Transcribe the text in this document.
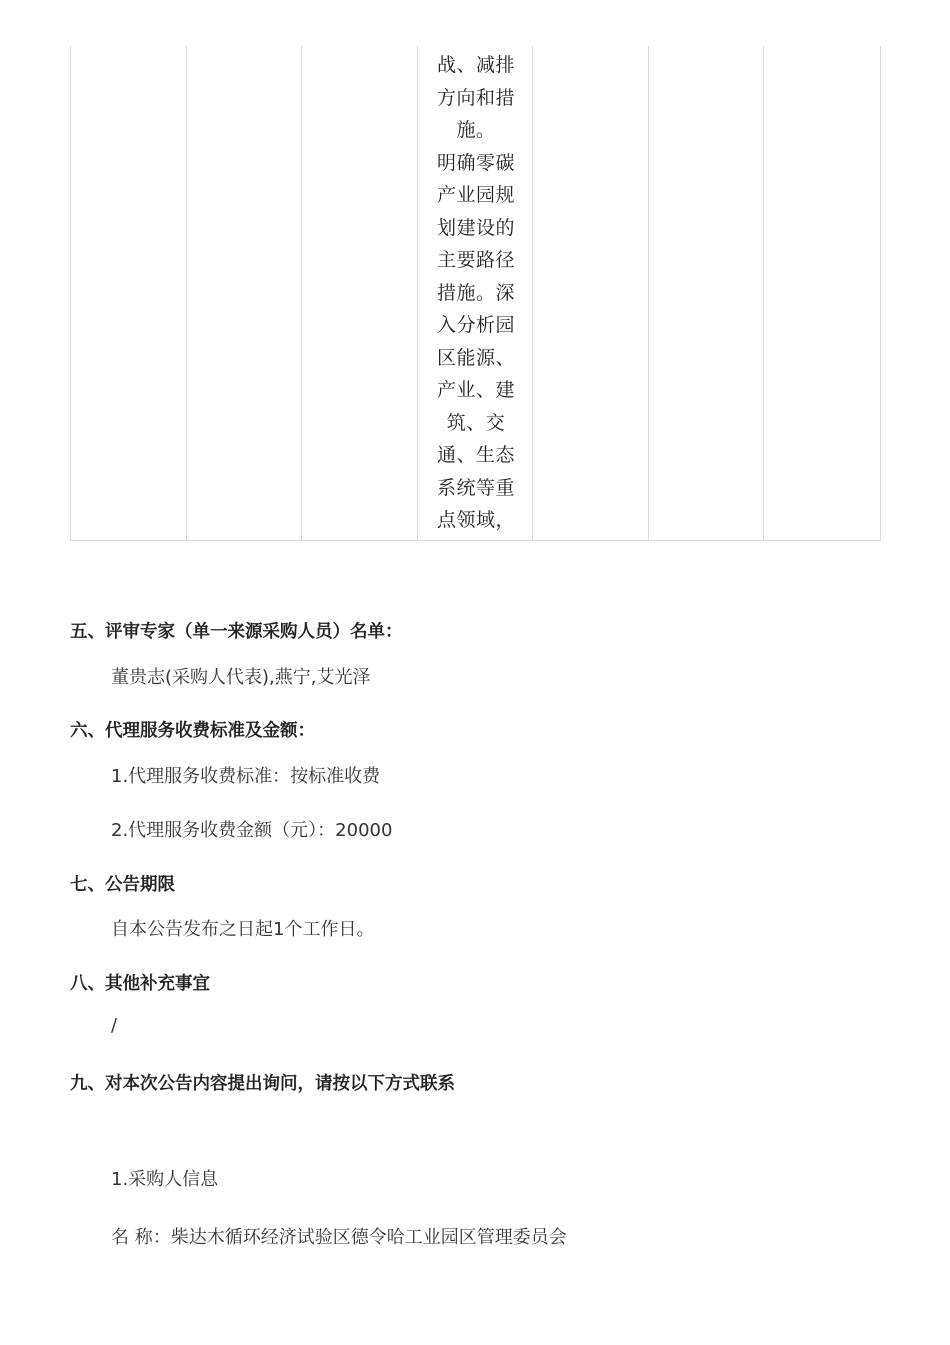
战、减排
方向和措
施。
明确零碳
产业园规
划建设的
主要路径
措施。深
入分析园
区能源、
产业、建
筑、交
通、生态
系统等重
点领域，
五、评审专家（单一来源采购人员）名单：
董贵志(采购人代表),燕宁,艾光泽
六、代理服务收费标准及金额：
1.代理服务收费标准：按标准收费
2.代理服务收费金额（元）：20000
七、公告期限
自本公告发布之日起1个工作日。
八、其他补充事宜
/
九、对本次公告内容提出询问，请按以下方式联系
1.采购人信息
名 称：柴达木循环经济试验区德令哈工业园区管理委员会
